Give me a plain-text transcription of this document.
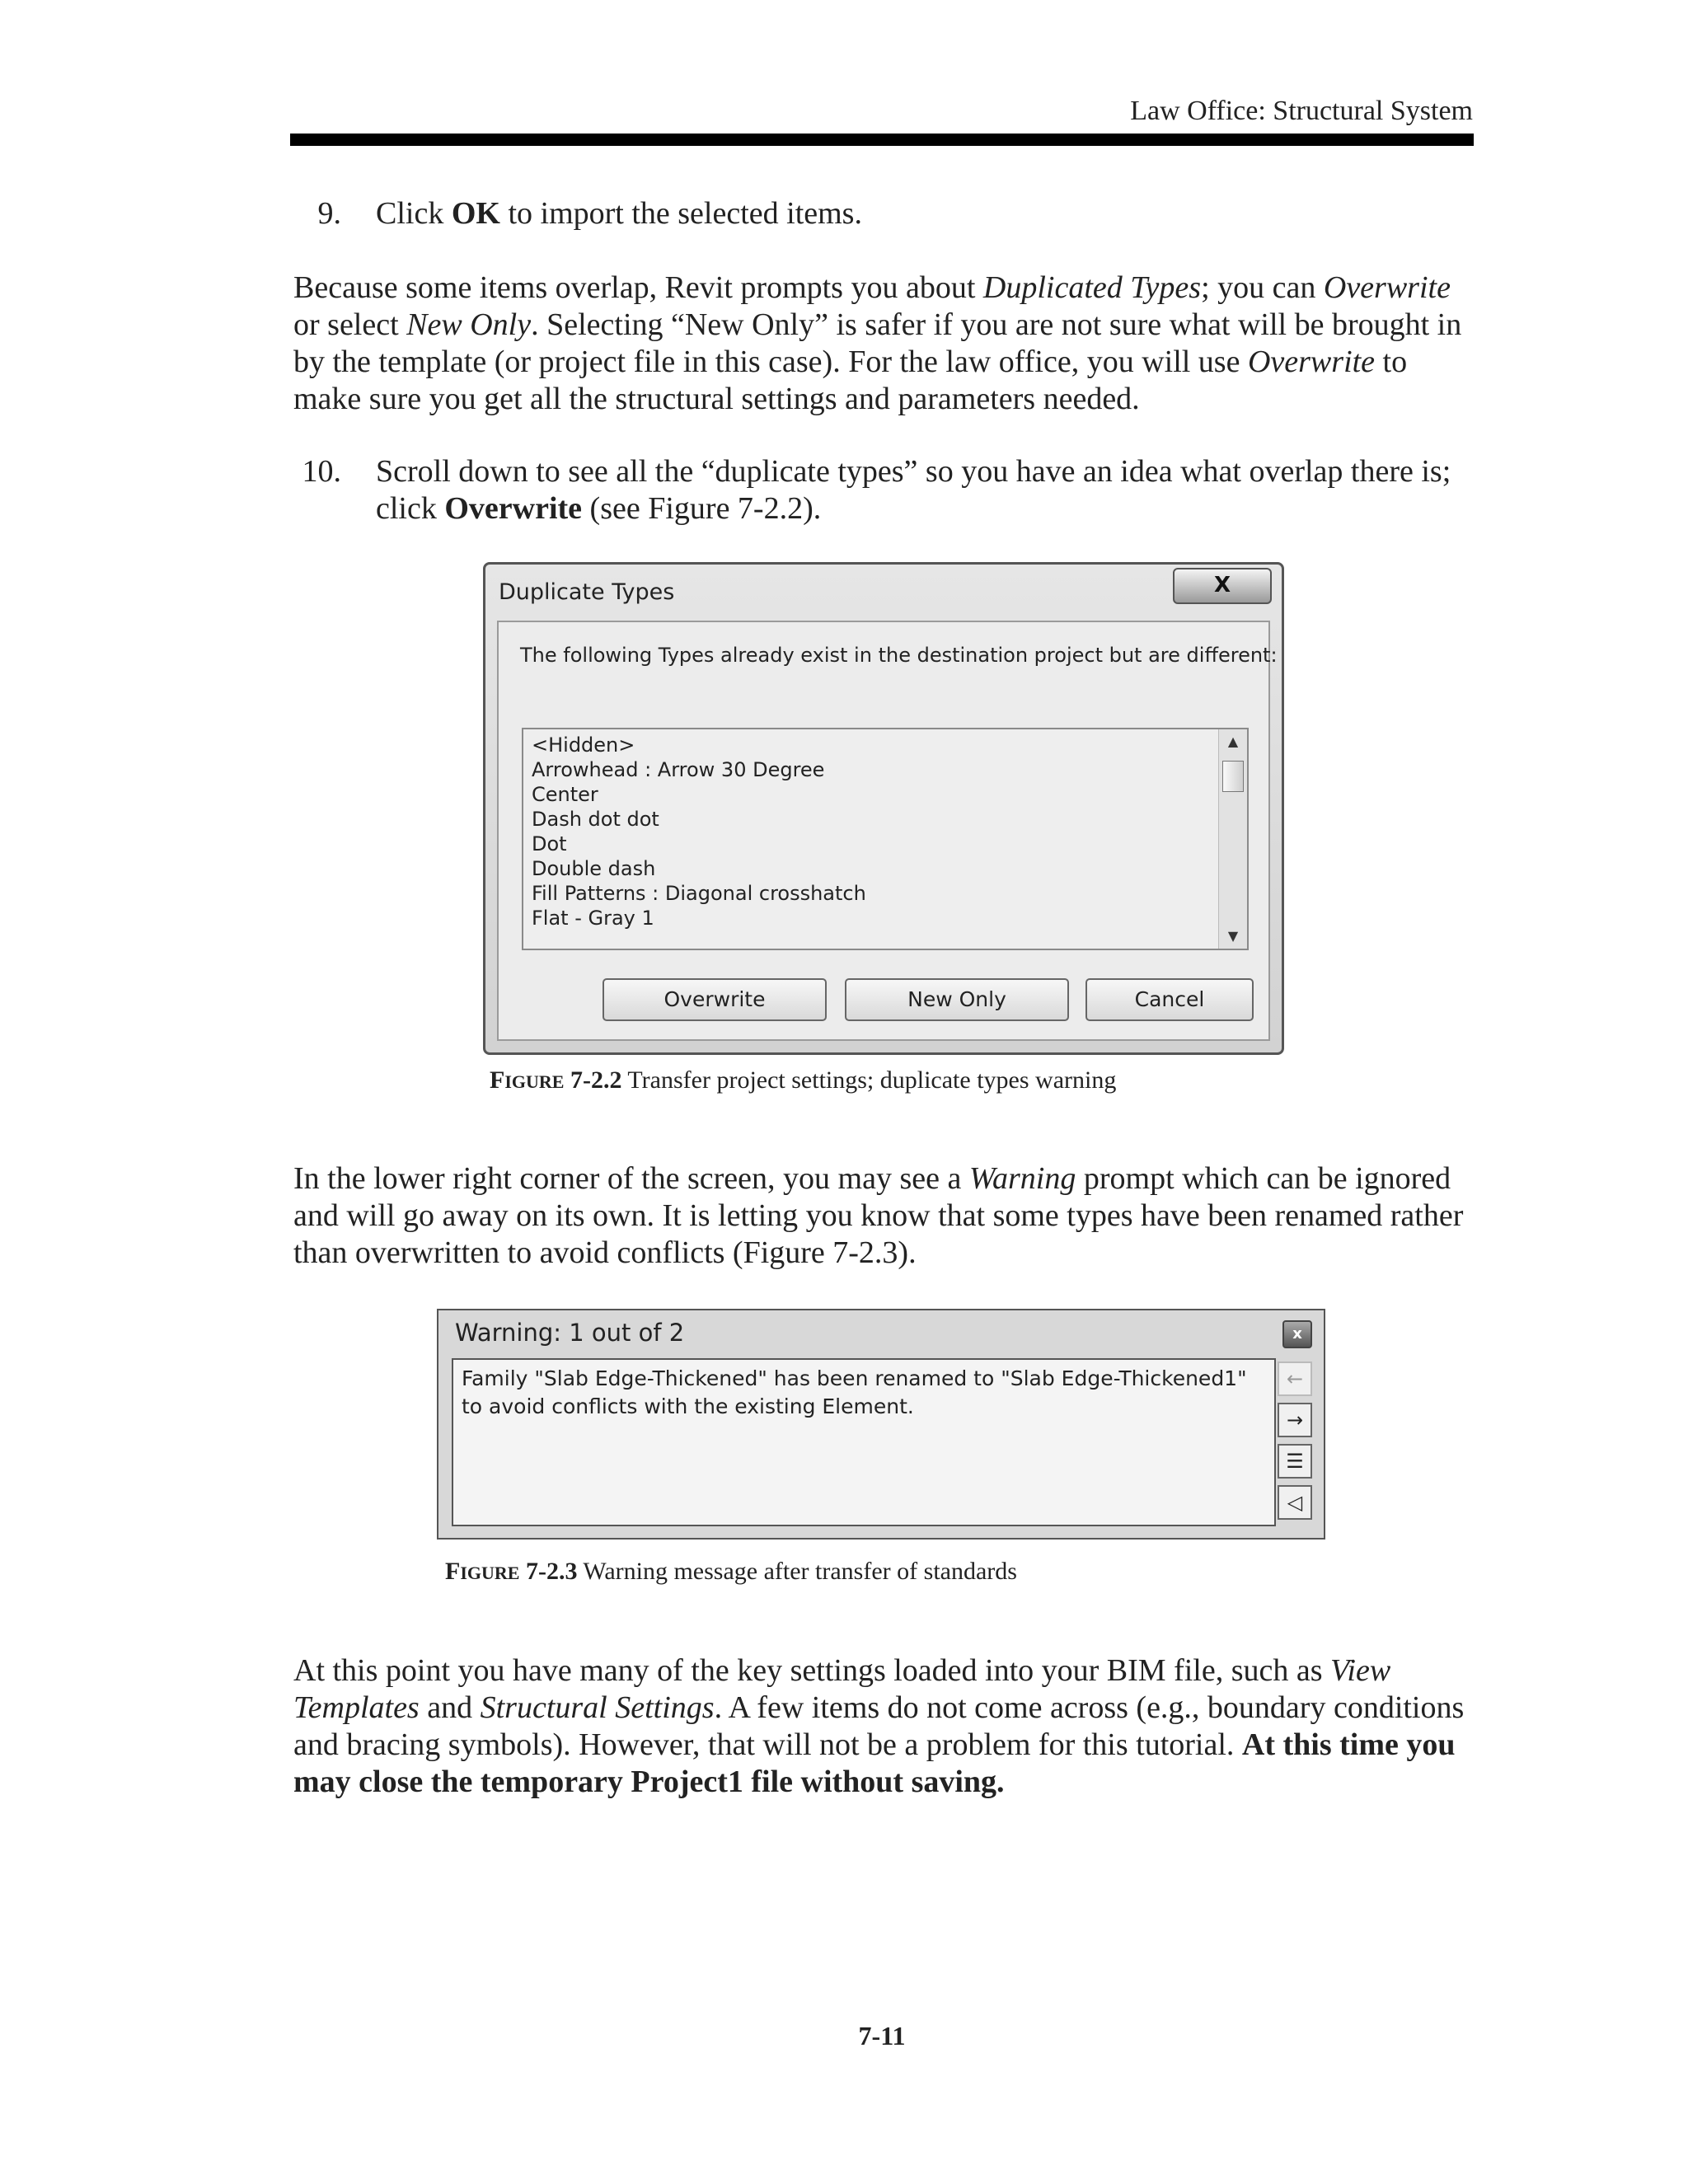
Law Office: Structural System
9. Click OK to import the selected items.
Because some items overlap, Revit prompts you about Duplicated Types; you can Overwrite or select New Only. Selecting “New Only” is safer if you are not sure what will be brought in by the template (or project file in this case). For the law office, you will use Overwrite to make sure you get all the structural settings and parameters needed.
10. Scroll down to see all the “duplicate types” so you have an idea what overlap there is; click Overwrite (see Figure 7-2.2).
Duplicate Types	X
The following Types already exist in the destination project but are different:
<Hidden>
Arrowhead : Arrow 30 Degree
Center
Dash dot dot
Dot
Double dash
Fill Patterns : Diagonal crosshatch
Flat - Gray 1
▲
▼
Overwrite	New Only	Cancel
FIGURE 7-2.2 Transfer project settings; duplicate types warning
In the lower right corner of the screen, you may see a Warning prompt which can be ignored and will go away on its own. It is letting you know that some types have been renamed rather than overwritten to avoid conflicts (Figure 7-2.3).
Warning: 1 out of 2	x
Family "Slab Edge-Thickened" has been renamed to "Slab Edge-Thickened1" to avoid conflicts with the existing Element.
←
→
☰
◁
FIGURE 7-2.3 Warning message after transfer of standards
At this point you have many of the key settings loaded into your BIM file, such as View Templates and Structural Settings. A few items do not come across (e.g., boundary conditions and bracing symbols). However, that will not be a problem for this tutorial. At this time you may close the temporary Project1 file without saving.
7-11
